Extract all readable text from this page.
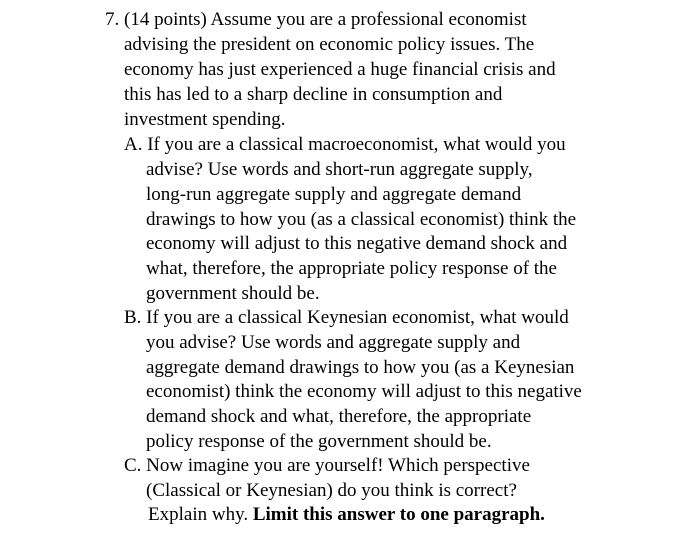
7. (14 points) Assume you are a professional economist

advising the president on economic policy issues. The

economy has just experienced a huge financial crisis and

this has led to a sharp decline in consumption and

investment spending.

A. If you are a classical macroeconomist, what would you

advise? Use words and short-run aggregate supply,

long-run aggregate supply and aggregate demand

drawings to how you (as a classical economist) think the

economy will adjust to this negative demand shock and

what, therefore, the appropriate policy response of the

government should be.

B. If you are a classical Keynesian economist, what would

you advise? Use words and aggregate supply and

aggregate demand drawings to how you (as a Keynesian

economist) think the economy will adjust to this negative

demand shock and what, therefore, the appropriate

policy response of the government should be.

C. Now imagine you are yourself! Which perspective

(Classical or Keynesian) do you think is correct?

Explain why. Limit this answer to one paragraph.
